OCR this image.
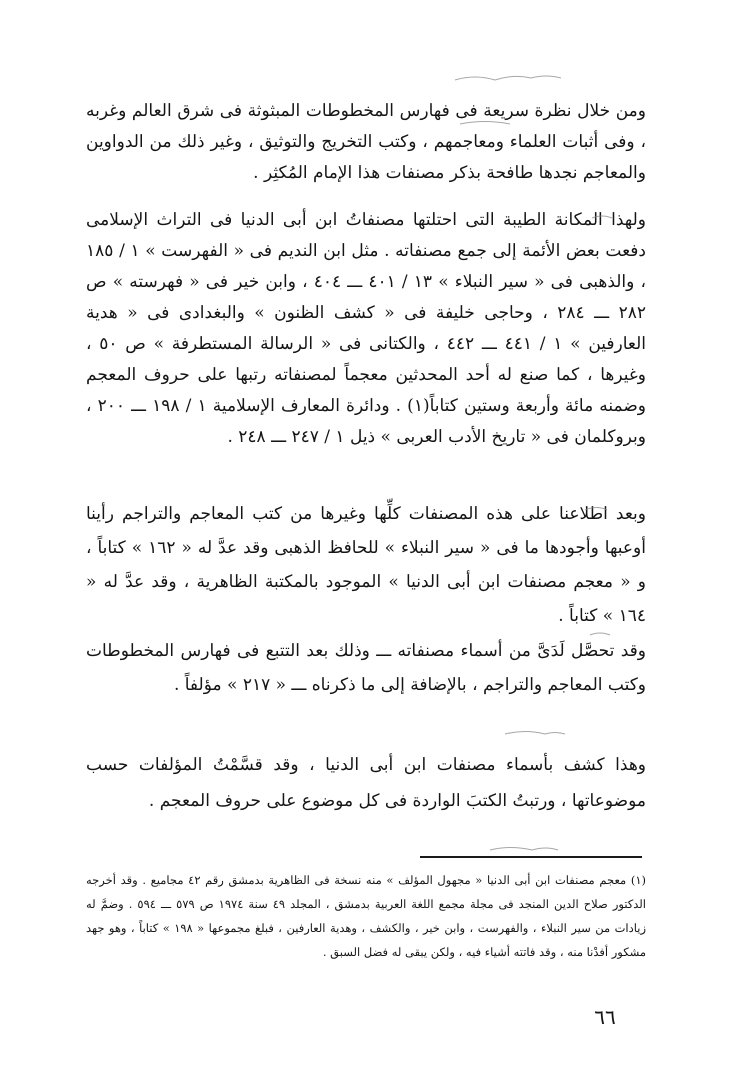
ومن خلال نظرة سريعة فى فهارس المخطوطات المبثوثة فى شرق العالم وغربه ، وفى أثبات العلماء ومعاجمهم ، وكتب التخريج والتوثيق ، وغير ذلك من الدواوين والمعاجم نجدها طافحة بذكر مصنفات هذا الإمام المُكثِر .

ولهذا المكانة الطيبة التى احتلتها مصنفاتُ ابن أبى الدنيا فى التراث الإسلامى دفعت بعض الأئمة إلى جمع مصنفاته . مثل ابن النديم فى « الفهرست » ١ / ١٨٥ ، والذهبى فى « سير النبلاء » ١٣ / ٤٠١ ـــ ٤٠٤ ، وابن خير فى « فهرسته » ص ٢٨٢ ـــ ٢٨٤ ، وحاجى خليفة فى « كشف الظنون » والبغدادى فى « هدية العارفين » ١ / ٤٤١ ـــ ٤٤٢ ، والكتانى فى « الرسالة المستطرفة » ص ٥٠ ، وغيرها ، كما صنع له أحد المحدثين معجماً لمصنفاته رتبها على حروف المعجم وضمنه مائة وأربعة وستين كتاباً(١) . ودائرة المعارف الإسلامية ١ / ١٩٨ ـــ ٢٠٠ ، وبروكلمان فى « تاريخ الأدب العربى » ذيل ١ / ٢٤٧ ـــ ٢٤٨ .

وبعد اطلاعنا على هذه المصنفات كلِّها وغيرها من كتب المعاجم والتراجم رأينا أوعبها وأجودها ما فى « سير النبلاء » للحافظ الذهبى وقد عدَّ له « ١٦٢ » كتاباً ، و « معجم مصنفات ابن أبى الدنيا » الموجود بالمكتبة الظاهرية ، وقد عدَّ له « ١٦٤ » كتاباً .

وقد تحصَّل لَدَىَّ من أسماء مصنفاته ـــ وذلك بعد التتبع فى فهارس المخطوطات وكتب المعاجم والتراجم ، بالإضافة إلى ما ذكرناه ـــ « ٢١٧ » مؤلفاً .

وهذا كشف بأسماء مصنفات ابن أبى الدنيا ، وقد قسَّمْتُ المؤلفات حسب موضوعاتها ، ورتبتُ الكتبَ الواردة فى كل موضوع على حروف المعجم .

(١) معجم مصنفات ابن أبى الدنيا « مجهول المؤلف » منه نسخة فى الظاهرية بدمشق رقم ٤٢ مجاميع . وقد أخرجه الدكتور صلاح الدين المنجد فى مجلة مجمع اللغة العربية بدمشق ، المجلد ٤٩ سنة ١٩٧٤ ص ٥٧٩ ـــ ٥٩٤ . وضمَّ له زيادات من سير النبلاء ، والفهرست ، وابن خير ، والكشف ، وهدية العارفين ، فبلغ مجموعها « ١٩٨ » كتاباً ، وهو جهد مشكور أفدْنا منه ، وقد فاتته أشياء فيه ، ولكن يبقى له فضل السبق .

٦٦
